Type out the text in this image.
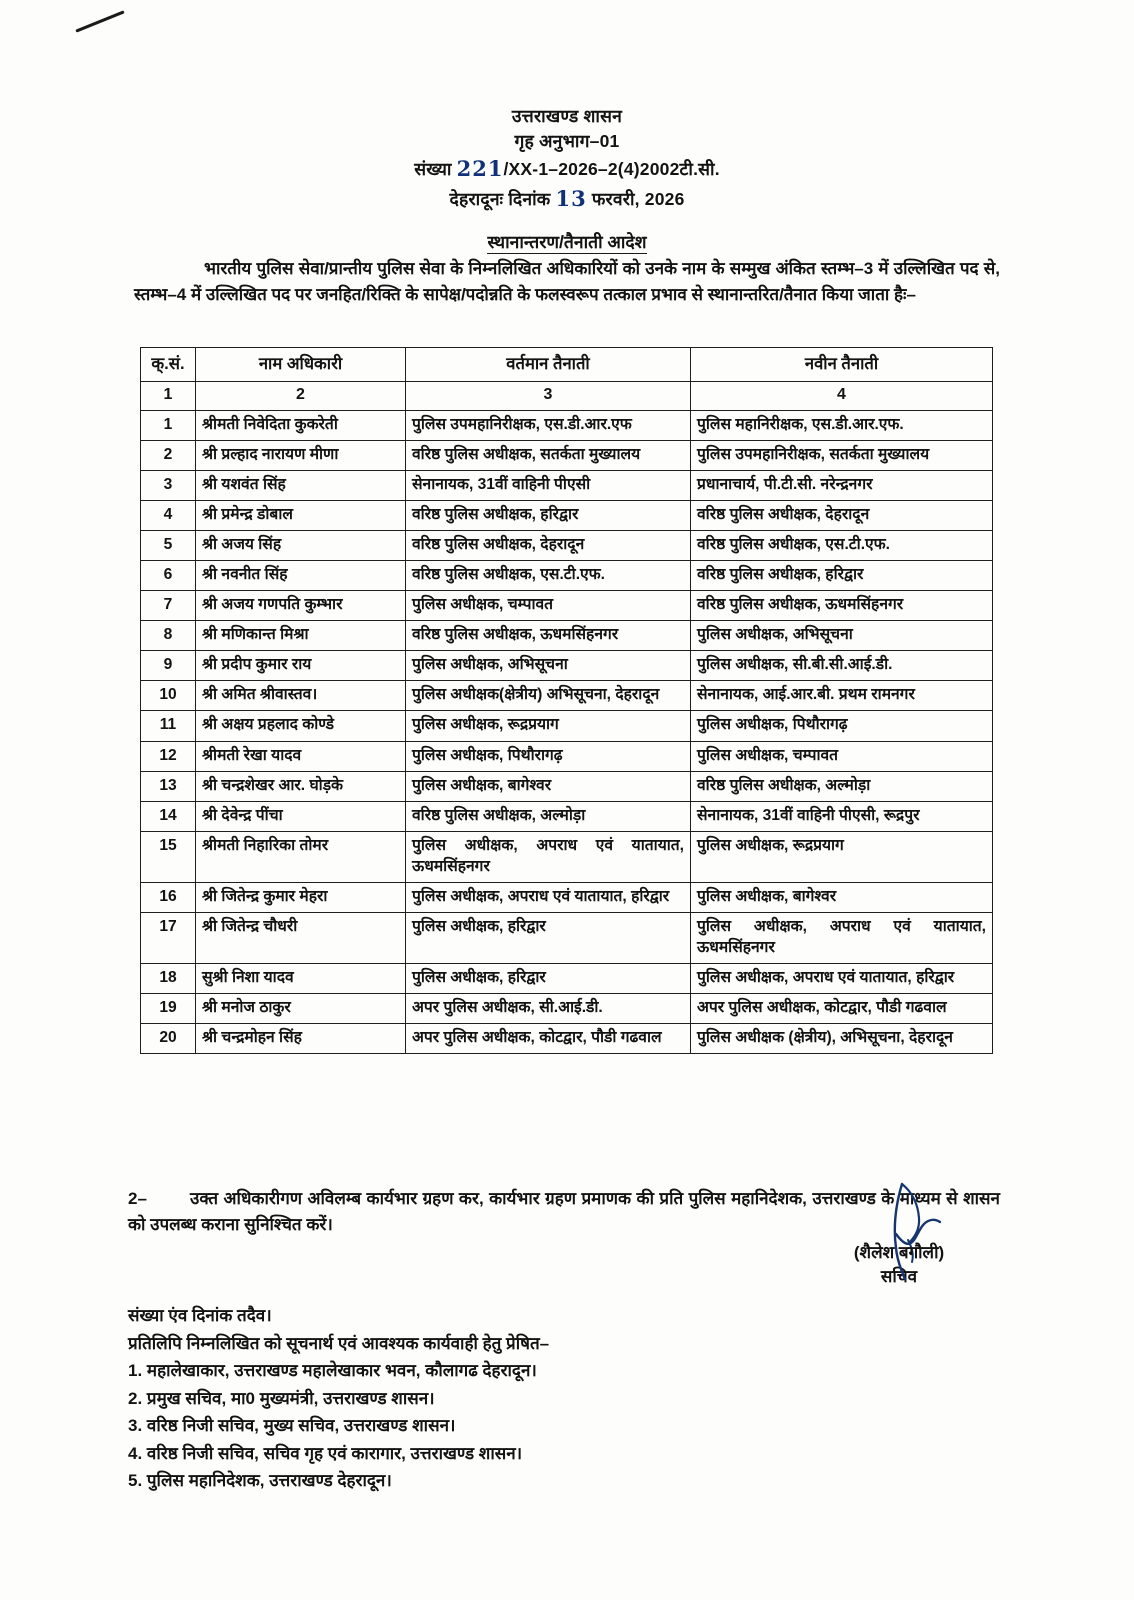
उत्तराखण्ड शासन
गृह अनुभाग–01
संख्या 221/XX-1–2026–2(4)2002टी.सी.
देहरादूनः दिनांक 13 फरवरी, 2026
स्थानान्तरण/तैनाती आदेश
भारतीय पुलिस सेवा/प्रान्तीय पुलिस सेवा के निम्नलिखित अधिकारियों को उनके नाम के सम्मुख अंकित स्तम्भ–3 में उल्लिखित पद से, स्तम्भ–4 में उल्लिखित पद पर जनहित/रिक्ति के सापेक्ष/पदोन्नति के फलस्वरूप तत्काल प्रभाव से स्थानान्तरित/तैनात किया जाता हैः–
क्.सं.	नाम अधिकारी	वर्तमान तैनाती	नवीन तैनाती
1	2	3	4
1	श्रीमती निवेदिता कुकरेती	पुलिस उपमहानिरीक्षक, एस.डी.आर.एफ	पुलिस महानिरीक्षक, एस.डी.आर.एफ.
2	श्री प्रल्हाद नारायण मीणा	वरिष्ठ पुलिस अधीक्षक, सतर्कता मुख्यालय	पुलिस उपमहानिरीक्षक, सतर्कता मुख्यालय
3	श्री यशवंत सिंह	सेनानायक, 31वीं वाहिनी पीएसी	प्रधानाचार्य, पी.टी.सी. नरेन्द्रनगर
4	श्री प्रमेन्द्र डोबाल	वरिष्ठ पुलिस अधीक्षक, हरिद्वार	वरिष्ठ पुलिस अधीक्षक, देहरादून
5	श्री अजय सिंह	वरिष्ठ पुलिस अधीक्षक, देहरादून	वरिष्ठ पुलिस अधीक्षक, एस.टी.एफ.
6	श्री नवनीत सिंह	वरिष्ठ पुलिस अधीक्षक, एस.टी.एफ.	वरिष्ठ पुलिस अधीक्षक, हरिद्वार
7	श्री अजय गणपति कुम्भार	पुलिस अधीक्षक, चम्पावत	वरिष्ठ पुलिस अधीक्षक, ऊधमसिंहनगर
8	श्री मणिकान्त मिश्रा	वरिष्ठ पुलिस अधीक्षक, ऊधमसिंहनगर	पुलिस अधीक्षक, अभिसूचना
9	श्री प्रदीप कुमार राय	पुलिस अधीक्षक, अभिसूचना	पुलिस अधीक्षक, सी.बी.सी.आई.डी.
10	श्री अमित श्रीवास्तव।	पुलिस अधीक्षक(क्षेत्रीय) अभिसूचना, देहरादून	सेनानायक, आई.आर.बी. प्रथम रामनगर
11	श्री अक्षय प्रहलाद कोण्डे	पुलिस अधीक्षक, रूद्रप्रयाग	पुलिस अधीक्षक, पिथौरागढ़
12	श्रीमती रेखा यादव	पुलिस अधीक्षक, पिथौरागढ़	पुलिस अधीक्षक, चम्पावत
13	श्री चन्द्रशेखर आर. घोड़के	पुलिस अधीक्षक, बागेश्वर	वरिष्ठ पुलिस अधीक्षक, अल्मोड़ा
14	श्री देवेन्द्र पींचा	वरिष्ठ पुलिस अधीक्षक, अल्मोड़ा	सेनानायक, 31वीं वाहिनी पीएसी, रूद्रपुर
15	श्रीमती निहारिका तोमर	पुलिस अधीक्षक, अपराध एवं यातायात, ऊधमसिंहनगर	पुलिस अधीक्षक, रूद्रप्रयाग
16	श्री जितेन्द्र कुमार मेहरा	पुलिस अधीक्षक, अपराध एवं यातायात, हरिद्वार	पुलिस अधीक्षक, बागेश्वर
17	श्री जितेन्द्र चौधरी	पुलिस अधीक्षक, हरिद्वार	पुलिस अधीक्षक, अपराध एवं यातायात, ऊधमसिंहनगर
18	सुश्री निशा यादव	पुलिस अधीक्षक, हरिद्वार	पुलिस अधीक्षक, अपराध एवं यातायात, हरिद्वार
19	श्री मनोज ठाकुर	अपर पुलिस अधीक्षक, सी.आई.डी.	अपर पुलिस अधीक्षक, कोटद्वार, पौडी गढवाल
20	श्री चन्द्रमोहन सिंह	अपर पुलिस अधीक्षक, कोटद्वार, पौडी गढवाल	पुलिस अधीक्षक (क्षेत्रीय), अभिसूचना, देहरादून
2–	उक्त अधिकारीगण अविलम्ब कार्यभार ग्रहण कर, कार्यभार ग्रहण प्रमाणक की प्रति पुलिस महानिदेशक, उत्तराखण्ड के माध्यम से शासन को उपलब्ध कराना सुनिश्चित करें।
(शैलेश बगौली)
सचिव
संख्या एंव दिनांक तदैव।
प्रतिलिपि निम्नलिखित को सूचनार्थ एवं आवश्यक कार्यवाही हेतु प्रेषित–
1. महालेखाकार, उत्तराखण्ड महालेखाकार भवन, कौलागढ देहरादून।
2. प्रमुख सचिव, मा0 मुख्यमंत्री, उत्तराखण्ड शासन।
3. वरिष्ठ निजी सचिव, मुख्य सचिव, उत्तराखण्ड शासन।
4. वरिष्ठ निजी सचिव, सचिव गृह एवं कारागार, उत्तराखण्ड शासन।
5. पुलिस महानिदेशक, उत्तराखण्ड देहरादून।
